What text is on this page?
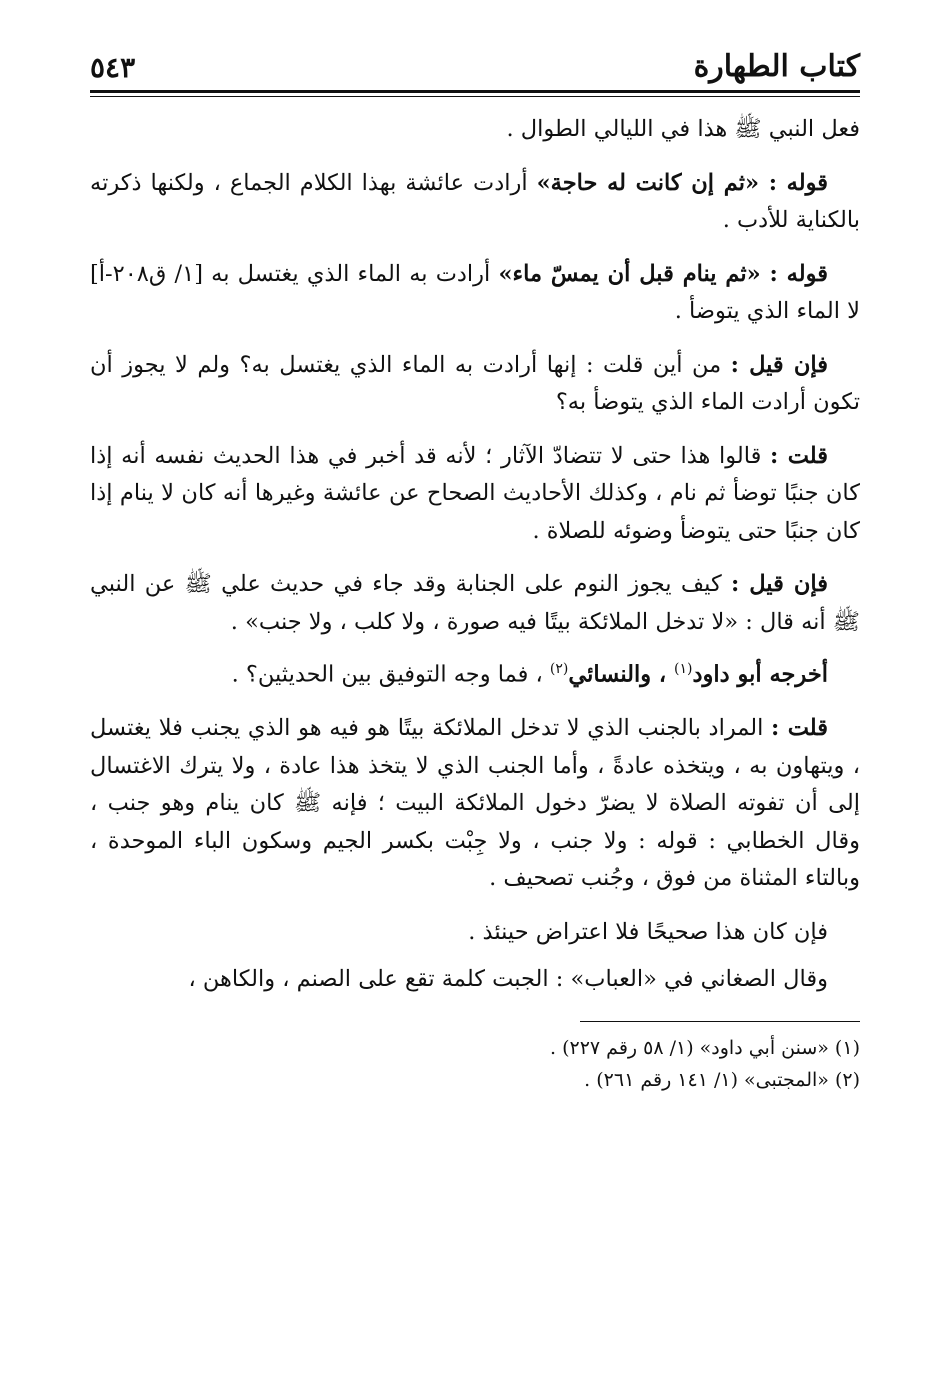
كتاب الطهارة
٥٤٣

فعل النبي ﷺ هذا في الليالي الطوال .

قوله : «ثم إن كانت له حاجة» أرادت عائشة بهذا الكلام الجماع ، ولكنها ذكرته بالكناية للأدب .

قوله : «ثم ينام قبل أن يمسّ ماء» أرادت به الماء الذي يغتسل به [١/ ق٢٠٨-أ] لا الماء الذي يتوضأ .

فإن قيل : من أين قلت : إنها أرادت به الماء الذي يغتسل به؟ ولم لا يجوز أن تكون أرادت الماء الذي يتوضأ به؟

قلت : قالوا هذا حتى لا تتضادّ الآثار ؛ لأنه قد أخبر في هذا الحديث نفسه أنه إذا كان جنبًا توضأ ثم نام ، وكذلك الأحاديث الصحاح عن عائشة وغيرها أنه كان لا ينام إذا كان جنبًا حتى يتوضأ وضوئه للصلاة .

فإن قيل : كيف يجوز النوم على الجنابة وقد جاء في حديث علي ﷺ عن النبي ﷺ أنه قال : «لا تدخل الملائكة بيتًا فيه صورة ، ولا كلب ، ولا جنب» .

أخرجه أبو داود$^{(١)}$ ، والنسائي$^{(٢)}$ ، فما وجه التوفيق بين الحديثين؟ .

قلت : المراد بالجنب الذي لا تدخل الملائكة بيتًا هو فيه هو الذي يجنب فلا يغتسل ، ويتهاون به ، ويتخذه عادةً ، وأما الجنب الذي لا يتخذ هذا عادة ، ولا يترك الاغتسال إلى أن تفوته الصلاة لا يضرّ دخول الملائكة البيت ؛ فإنه ﷺ كان ينام وهو جنب ، وقال الخطابي : قوله : ولا جنب ، ولا جِبْت بكسر الجيم وسكون الباء الموحدة ، وبالتاء المثناة من فوق ، وجُنب تصحيف .

فإن كان هذا صحيحًا فلا اعتراض حينئذ .

وقال الصغاني في «العباب» : الجبت كلمة تقع على الصنم ، والكاهن ،

(١) «سنن أبي داود» (١/ ٥٨ رقم ٢٢٧) .
(٢) «المجتبى» (١/ ١٤١ رقم ٢٦١) .
